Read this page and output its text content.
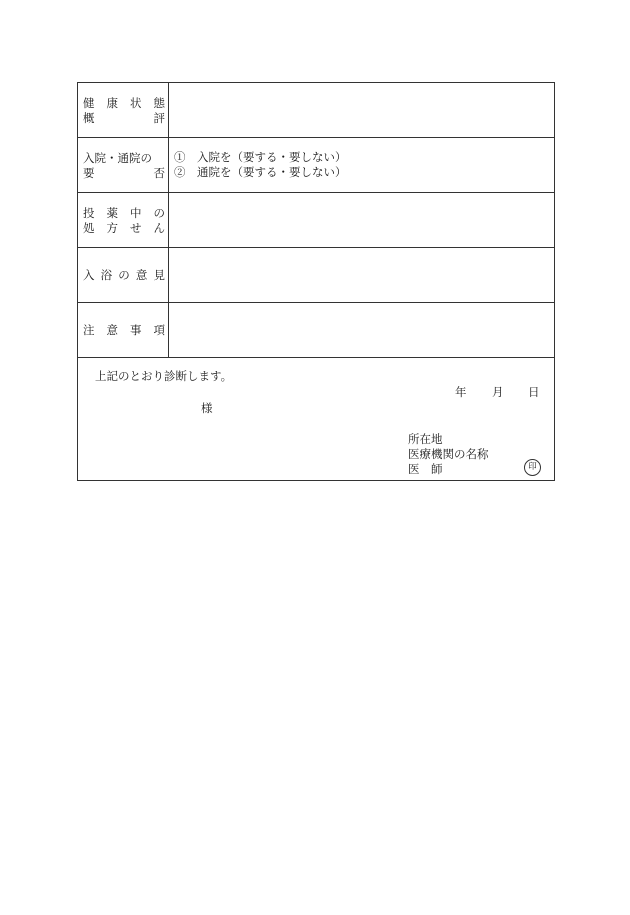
健 康 状 態
概	評
入院・通院の
要	否
①　入院を（要する・要しない）
②　通院を（要する・要しない）
投 薬 中 の
処 方 せ ん
入 浴 の 意 見
注 意 事 項
上記のとおり診断します。
年 月 日
様
所在地
医療機関の名称
医　師	印
